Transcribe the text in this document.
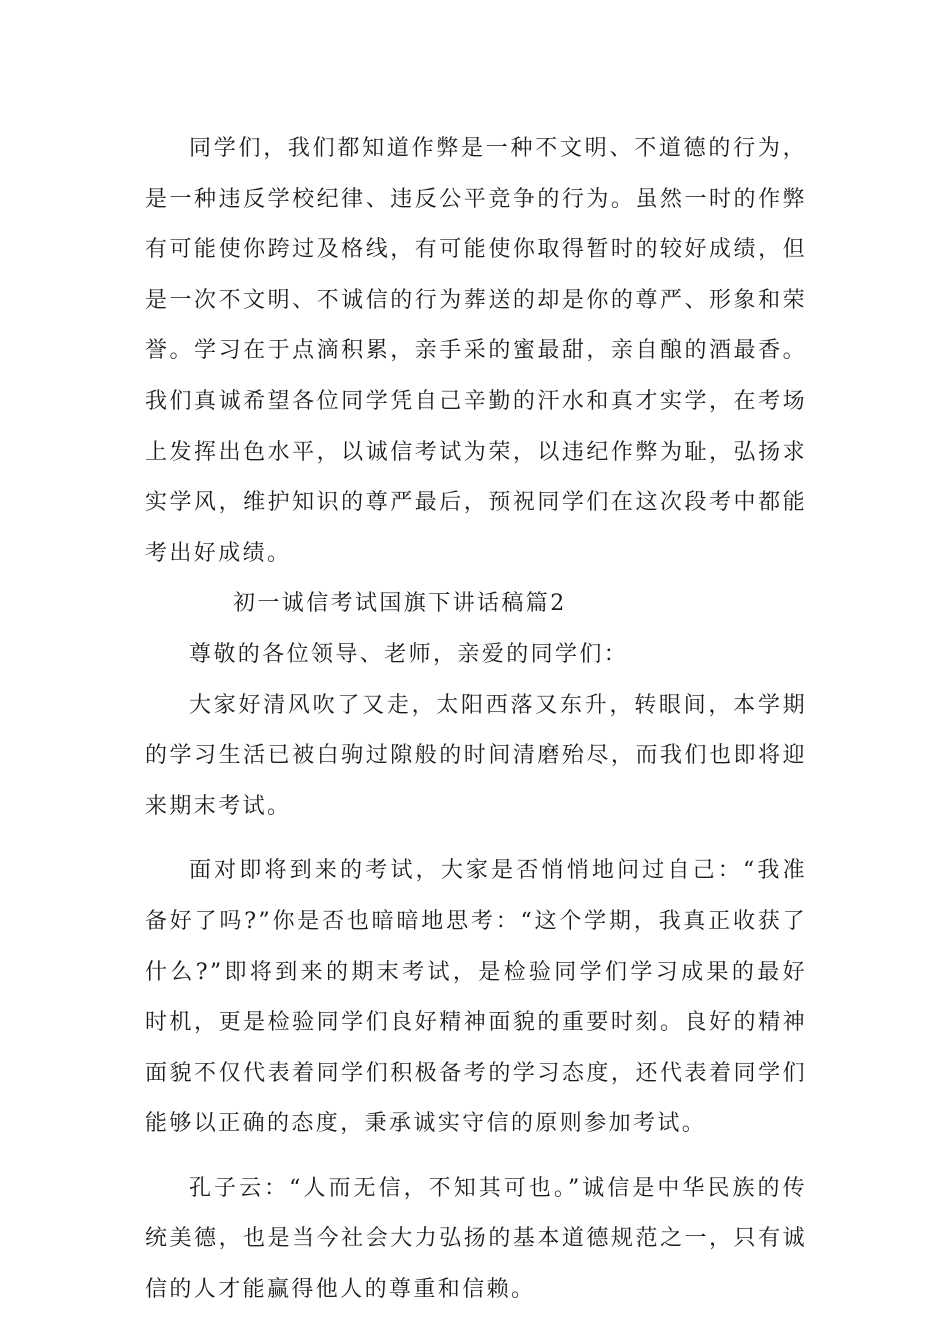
同学们，我们都知道作弊是一种不文明、不道德的行为，是一种违反学校纪律、违反公平竞争的行为。虽然一时的作弊有可能使你跨过及格线，有可能使你取得暂时的较好成绩，但是一次不文明、不诚信的行为葬送的却是你的尊严、形象和荣誉。学习在于点滴积累，亲手采的蜜最甜，亲自酿的酒最香。我们真诚希望各位同学凭自己辛勤的汗水和真才实学，在考场上发挥出色水平，以诚信考试为荣，以违纪作弊为耻，弘扬求实学风，维护知识的尊严最后，预祝同学们在这次段考中都能考出好成绩。

初一诚信考试国旗下讲话稿篇2

尊敬的各位领导、老师，亲爱的同学们：

大家好清风吹了又走，太阳西落又东升，转眼间，本学期的学习生活已被白驹过隙般的时间清磨殆尽，而我们也即将迎来期末考试。

面对即将到来的考试，大家是否悄悄地问过自己：“我准备好了吗?”你是否也暗暗地思考：“这个学期，我真正收获了什么?”即将到来的期末考试，是检验同学们学习成果的最好时机，更是检验同学们良好精神面貌的重要时刻。良好的精神面貌不仅代表着同学们积极备考的学习态度，还代表着同学们能够以正确的态度，秉承诚实守信的原则参加考试。

孔子云：“人而无信，不知其可也。”诚信是中华民族的传统美德，也是当今社会大力弘扬的基本道德规范之一，只有诚信的人才能赢得他人的尊重和信赖。
